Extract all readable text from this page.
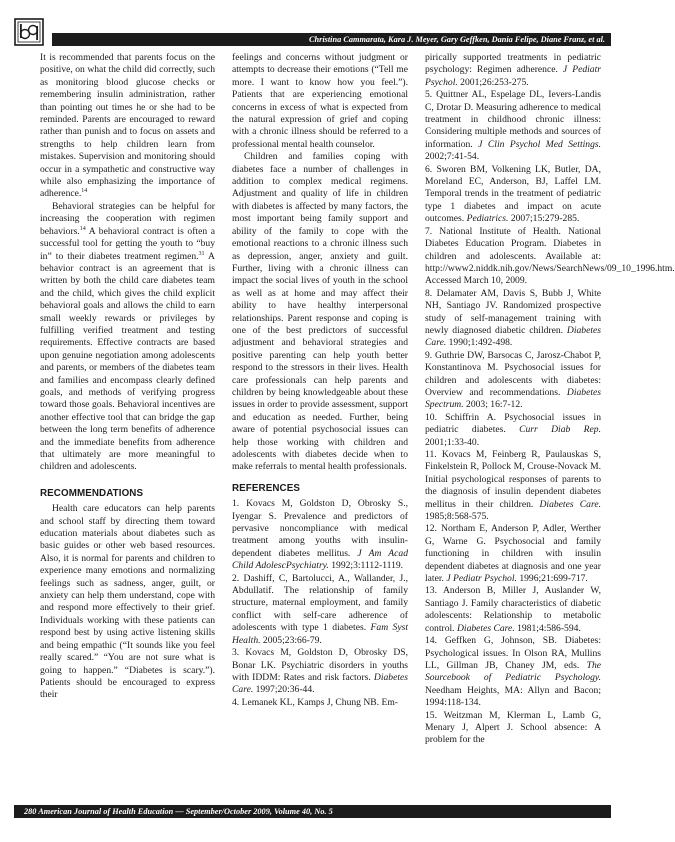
Christina Cammarata, Kara J. Meyer, Gary Geffken, Dania Felipe, Diane Franz, et al.

It is recommended that parents focus on the positive, on what the child did correctly, such as monitoring blood glucose checks or remembering insulin administration, rather than pointing out times he or she had to be reminded. Parents are encouraged to reward rather than punish and to focus on assets and strengths to help children learn from mistakes. Supervision and monitoring should occur in a sympathetic and constructive way while also emphasizing the importance of adherence.$^{14}$

Behavioral strategies can be helpful for increasing the cooperation with regimen behaviors.$^{14}$ A behavioral contract is often a successful tool for getting the youth to “buy in” to their diabetes treatment regimen.$^{31}$ A behavior contract is an agreement that is written by both the child care diabetes team and the child, which gives the child explicit behavioral goals and allows the child to earn small weekly rewards or privileges by fulfilling verified treatment and testing requirements. Effective contracts are based upon genuine negotiation among adolescents and parents, or members of the diabetes team and families and encompass clearly defined goals, and methods of verifying progress toward those goals. Behavioral incentives are another effective tool that can bridge the gap between the long term benefits of adherence and the immediate benefits from adherence that ultimately are more meaningful to children and adolescents.

RECOMMENDATIONS

Health care educators can help parents and school staff by directing them toward education materials about diabetes such as basic guides or other web based resources. Also, it is normal for parents and children to experience many emotions and normalizing feelings such as sadness, anger, guilt, or anxiety can help them understand, cope with and respond more effectively to their grief. Individuals working with these patients can respond best by using active listening skills and being empathic (“It sounds like you feel really scared.” “You are not sure what is going to happen.” “Diabetes is scary.”). Patients should be encouraged to express their

feelings and concerns without judgment or attempts to decrease their emotions (“Tell me more. I want to know how you feel.”). Patients that are experiencing emotional concerns in excess of what is expected from the natural expression of grief and coping with a chronic illness should be referred to a professional mental health counselor.

Children and families coping with diabetes face a number of challenges in addition to complex medical regimens. Adjustment and quality of life in children with diabetes is affected by many factors, the most important being family support and ability of the family to cope with the emotional reactions to a chronic illness such as depression, anger, anxiety and guilt. Further, living with a chronic illness can impact the social lives of youth in the school as well as at home and may affect their ability to have healthy interpersonal relationships. Parent response and coping is one of the best predictors of successful adjustment and behavioral strategies and positive parenting can help youth better respond to the stressors in their lives. Health care professionals can help parents and children by being knowledgeable about these issues in order to provide assessment, support and education as needed. Further, being aware of potential psychosocial issues can help those working with children and adolescents with diabetes decide when to make referrals to mental health professionals.

REFERENCES

1. Kovacs M, Goldston D, Obrosky S., Iyengar S. Prevalence and predictors of pervasive noncompliance with medical treatment among youths with insulin-dependent diabetes mellitus. J Am Acad Child AdolescPsychiatry. 1992;3:1112-1119.

2. Dashiff, C, Bartolucci, A., Wallander, J., Abdullatif. The relationship of family structure, maternal employment, and family conflict with self-care adherence of adolescents with type 1 diabetes. Fam Syst Health. 2005;23:66-79.

3. Kovacs M, Goldston D, Obrosky DS, Bonar LK. Psychiatric disorders in youths with IDDM: Rates and risk factors. Diabetes Care. 1997;20:36-44.

4. Lemanek KL, Kamps J, Chung NB. Em-

pirically supported treatments in pediatric psychology: Regimen adherence. J Pediatr Psychol. 2001;26:253-275.

5. Quittner AL, Espelage DL, Ievers-Landis C, Drotar D. Measuring adherence to medical treatment in childhood chronic illness: Considering multiple methods and sources of information. J Clin Psychol Med Settings. 2002;7:41-54.

6. Sworen BM, Volkening LK, Butler, DA, Moreland EC, Anderson, BJ, Laffel LM. Temporal trends in the treatment of pediatric type 1 diabetes and impact on acute outcomes. Pediatrics. 2007;15:279-285.

7. National Institute of Health. National Diabetes Education Program. Diabetes in children and adolescents. Available at: http://www2.niddk.nih.gov/News/SearchNews/09_10_1996.htm. Accessed March 10, 2009.

8. Delamater AM, Davis S, Bubb J, White NH, Santiago JV. Randomized prospective study of self-management training with newly diagnosed diabetic children. Diabetes Care. 1990;1:492-498.

9. Guthrie DW, Barsocas C, Jarosz-Chabot P, Konstantinova M. Psychosocial issues for children and adolescents with diabetes: Overview and recommendations. Diabetes Spectrum. 2003; 16:7-12.

10. Schiffrin A. Psychosocial issues in pediatric diabetes. Curr Diab Rep. 2001;1:33-40.

11. Kovacs M, Feinberg R, Paulauskas S, Finkelstein R, Pollock M, Crouse-Novack M. Initial psychological responses of parents to the diagnosis of insulin dependent diabetes mellitus in their children. Diabetes Care. 1985;8:568-575.

12. Northam E, Anderson P, Adler, Werther G, Warne G. Psychosocial and family functioning in children with insulin dependent diabetes at diagnosis and one year later. J Pediatr Psychol. 1996;21:699-717.

13. Anderson B, Miller J, Auslander W, Santiago J. Family characteristics of diabetic adolescents: Relationship to metabolic control. Diabetes Care. 1981;4:586-594.

14. Geffken G, Johnson, SB. Diabetes: Psychological issues. In Olson RA, Mullins LL, Gillman JB, Chaney JM, eds. The Sourcebook of Pediatric Psychology. Needham Heights, MA: Allyn and Bacon; 1994:118-134.

15. Weitzman M, Klerman L, Lamb G, Menary J, Alpert J. School absence: A problem for the

280 American Journal of Health Education — September/October 2009, Volume 40, No. 5
